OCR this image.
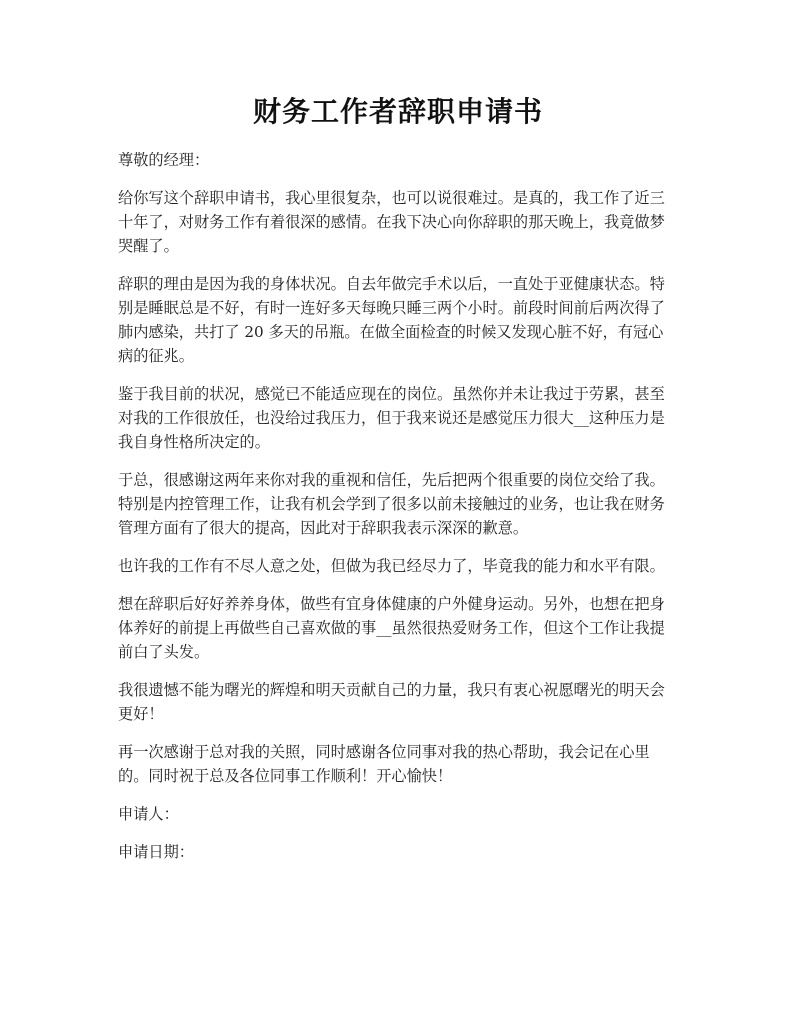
财务工作者辞职申请书

尊敬的经理：

给你写这个辞职申请书，我心里很复杂，也可以说很难过。是真的，我工作了近三
十年了，对财务工作有着很深的感情。在我下决心向你辞职的那天晚上，我竟做梦
哭醒了。

辞职的理由是因为我的身体状况。自去年做完手术以后，一直处于亚健康状态。特
别是睡眠总是不好，有时一连好多天每晚只睡三两个小时。前段时间前后两次得了
肺内感染，共打了 20 多天的吊瓶。在做全面检查的时候又发现心脏不好，有冠心
病的征兆。

鉴于我目前的状况，感觉已不能适应现在的岗位。虽然你并未让我过于劳累，甚至
对我的工作很放任，也没给过我压力，但于我来说还是感觉压力很大__这种压力是
我自身性格所决定的。

于总，很感谢这两年来你对我的重视和信任，先后把两个很重要的岗位交给了我。
特别是内控管理工作，让我有机会学到了很多以前未接触过的业务，也让我在财务
管理方面有了很大的提高，因此对于辞职我表示深深的歉意。

也许我的工作有不尽人意之处，但做为我已经尽力了，毕竟我的能力和水平有限。

想在辞职后好好养养身体，做些有宜身体健康的户外健身运动。另外，也想在把身
体养好的前提上再做些自己喜欢做的事__虽然很热爱财务工作，但这个工作让我提
前白了头发。

我很遗憾不能为曙光的辉煌和明天贡献自己的力量，我只有衷心祝愿曙光的明天会
更好！

再一次感谢于总对我的关照，同时感谢各位同事对我的热心帮助，我会记在心里
的。同时祝于总及各位同事工作顺利！开心愉快！

申请人：

申请日期：
